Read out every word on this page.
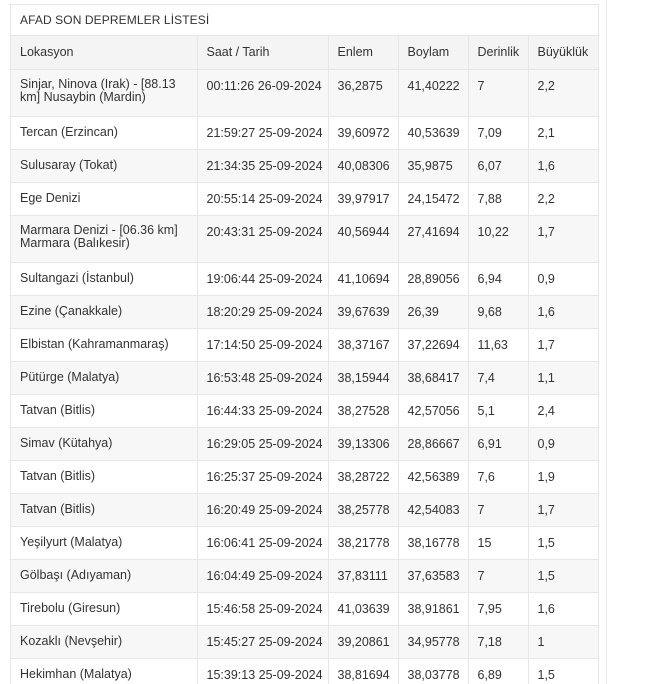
AFAD SON DEPREMLER LİSTESİ
Lokasyon	Saat / Tarih	Enlem	Boylam	Derinlik	Büyüklük
Sinjar, Ninova (Irak) - [88.13 km] Nusaybin (Mardin)	00:11:26 26-09-2024	36,2875	41,40222	7	2,2
Tercan (Erzincan)	21:59:27 25-09-2024	39,60972	40,53639	7,09	2,1
Sulusaray (Tokat)	21:34:35 25-09-2024	40,08306	35,9875	6,07	1,6
Ege Denizi	20:55:14 25-09-2024	39,97917	24,15472	7,88	2,2
Marmara Denizi - [06.36 km] Marmara (Balıkesir)	20:43:31 25-09-2024	40,56944	27,41694	10,22	1,7
Sultangazi (İstanbul)	19:06:44 25-09-2024	41,10694	28,89056	6,94	0,9
Ezine (Çanakkale)	18:20:29 25-09-2024	39,67639	26,39	9,68	1,6
Elbistan (Kahramanmaraş)	17:14:50 25-09-2024	38,37167	37,22694	11,63	1,7
Pütürge (Malatya)	16:53:48 25-09-2024	38,15944	38,68417	7,4	1,1
Tatvan (Bitlis)	16:44:33 25-09-2024	38,27528	42,57056	5,1	2,4
Simav (Kütahya)	16:29:05 25-09-2024	39,13306	28,86667	6,91	0,9
Tatvan (Bitlis)	16:25:37 25-09-2024	38,28722	42,56389	7,6	1,9
Tatvan (Bitlis)	16:20:49 25-09-2024	38,25778	42,54083	7	1,7
Yeşilyurt (Malatya)	16:06:41 25-09-2024	38,21778	38,16778	15	1,5
Gölbaşı (Adıyaman)	16:04:49 25-09-2024	37,83111	37,63583	7	1,5
Tirebolu (Giresun)	15:46:58 25-09-2024	41,03639	38,91861	7,95	1,6
Kozaklı (Nevşehir)	15:45:27 25-09-2024	39,20861	34,95778	7,18	1
Hekimhan (Malatya)	15:39:13 25-09-2024	38,81694	38,03778	6,89	1,5
